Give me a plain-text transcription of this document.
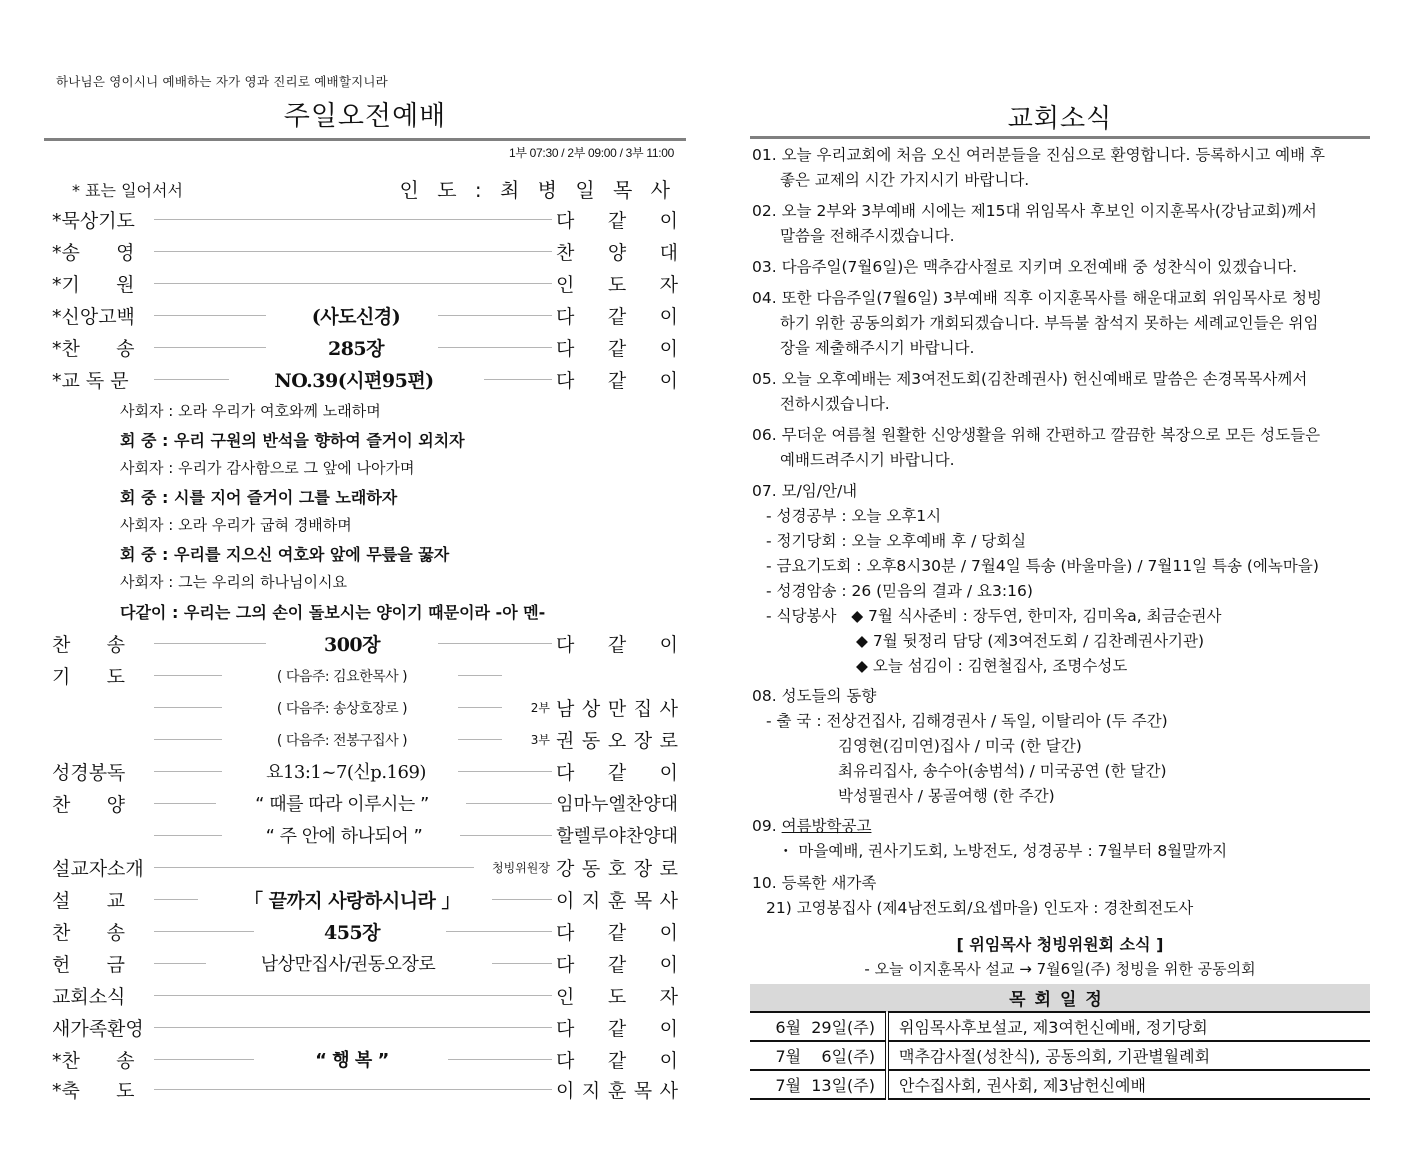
하나님은 영이시니 예배하는 자가 영과 진리로 예배할지니라
주일오전예배
1부 07:30 / 2부 09:00 / 3부 11:00
* 표는 일어서서	인 도 : 최 병 일 목 사
*묵상기도	다 같 이
*송      영	찬 양 대
*기      원	인 도 자
*신앙고백	(사도신경)	다 같 이
*찬      송	285장	다 같 이
*교 독 문	NO.39(시편95편)	다 같 이
사회자 : 오라 우리가 여호와께 노래하며
회 중 : 우리 구원의 반석을 향하여 즐거이 외치자
사회자 : 우리가 감사함으로 그 앞에 나아가며
회 중 : 시를 지어 즐거이 그를 노래하자
사회자 : 오라 우리가 굽혀 경배하며
회 중 : 우리를 지으신 여호와 앞에 무릎을 꿇자
사회자 : 그는 우리의 하나님이시요
다같이 : 우리는 그의 손이 돌보시는 양이기 때문이라 -아 멘-
찬      송	300장	다 같 이
기      도	( 다음주: 김요한목사 )
( 다음주: 송상호장로 )	2부 남 상 만 집 사
( 다음주: 전봉구집사 )	3부 권 동 오 장 로
성경봉독	요13:1~7(신p.169)	다 같 이
찬      양	“ 때를 따라 이루시는 ”	임마누엘찬양대
“ 주 안에 하나되어 ”	할렐루야찬양대
설교자소개	청빙위원장 강 동 호 장 로
설      교	「 끝까지 사랑하시니라 」	이 지 훈 목 사
찬      송	455장	다 같 이
헌      금	남상만집사/권동오장로	다 같 이
교회소식	인 도 자
새가족환영	다 같 이
*찬      송	“ 행 복 ”	다 같 이
*축      도	이 지 훈 목 사
교회소식
01. 오늘 우리교회에 처음 오신 여러분들을 진심으로 환영합니다. 등록하시고 예배 후
좋은 교제의 시간 가지시기 바랍니다.
02. 오늘 2부와 3부예배 시에는 제15대 위임목사 후보인 이지훈목사(강남교회)께서
말씀을 전해주시겠습니다.
03. 다음주일(7월6일)은 맥추감사절로 지키며 오전예배 중 성찬식이 있겠습니다.
04. 또한 다음주일(7월6일) 3부예배 직후 이지훈목사를 해운대교회 위임목사로 청빙
하기 위한 공동의회가 개회되겠습니다. 부득불 참석지 못하는 세례교인들은 위임
장을 제출해주시기 바랍니다.
05. 오늘 오후예배는 제3여전도회(김찬례권사) 헌신예배로 말씀은 손경목목사께서
전하시겠습니다.
06. 무더운 여름철 원활한 신앙생활을 위해 간편하고 깔끔한 복장으로 모든 성도들은
예배드려주시기 바랍니다.
07. 모/임/안/내
- 성경공부 : 오늘 오후1시
- 정기당회 : 오늘 오후예배 후 / 당회실
- 금요기도회 : 오후8시30분 / 7월4일 특송 (바울마을) / 7월11일 특송 (에녹마을)
- 성경암송 : 26 (믿음의 결과 / 요3:16)
- 식당봉사 ◆ 7월 식사준비 : 장두연, 한미자, 김미옥a, 최금순권사
◆ 7월 뒷정리 담당 (제3여전도회 / 김찬례권사기관)
◆ 오늘 섬김이 : 김현철집사, 조명수성도
08. 성도들의 동향
- 출 국 : 전상건집사, 김해경권사 / 독일, 이탈리아 (두 주간)
김영현(김미연)집사 / 미국 (한 달간)
최유리집사, 송수아(송범석) / 미국공연 (한 달간)
박성필권사 / 몽골여행 (한 주간)
09. 여름방학공고
・ 마을예배, 권사기도회, 노방전도, 성경공부 : 7월부터 8월말까지
10. 등록한 새가족
21) 고영봉집사 (제4남전도회/요셉마을) 인도자 : 경찬희전도사
[ 위임목사 청빙위원회 소식 ]
- 오늘 이지훈목사 설교 → 7월6일(주) 청빙을 위한 공동의회
목회일정	
6월  29일(주)	위임목사후보설교, 제3여헌신예배, 정기당회
7월    6일(주)	맥추감사절(성찬식), 공동의회, 기관별월례회
7월  13일(주)	안수집사회, 권사회, 제3남헌신예배
